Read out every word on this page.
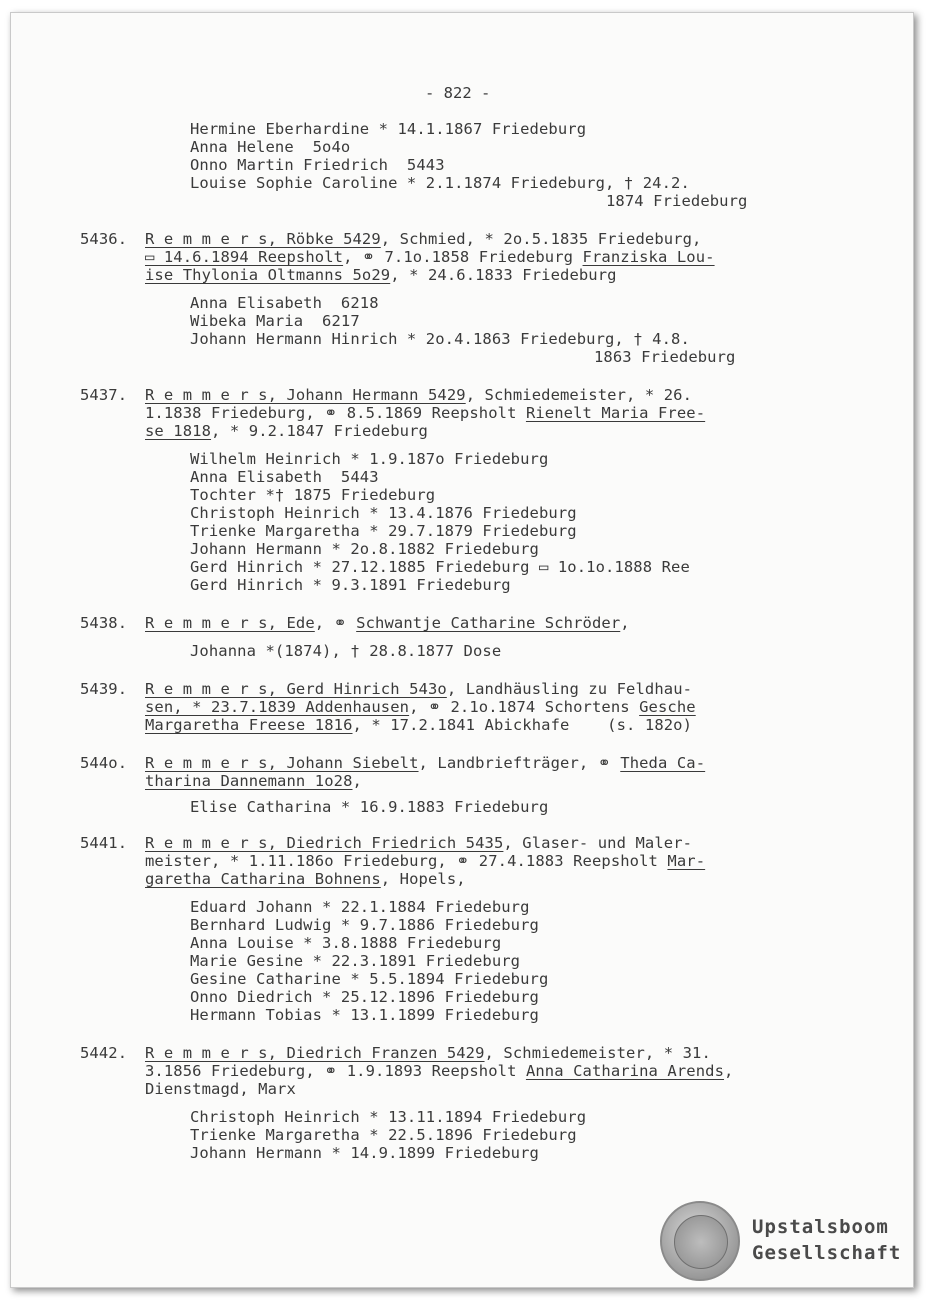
- 822 -
Hermine Eberhardine * 14.1.1867 Friedeburg
Anna Helene  5o4o
Onno Martin Friedrich  5443
Louise Sophie Caroline * 2.1.1874 Friedeburg, † 24.2.
1874 Friedeburg
5436. R e m m e r s, Röbke 5429, Schmied, * 2o.5.1835 Friedeburg,
▭ 14.6.1894 Reepsholt, ⚭ 7.1o.1858 Friedeburg Franziska Lou-
ise Thylonia Oltmanns 5o29, * 24.6.1833 Friedeburg
Anna Elisabeth  6218
Wibeka Maria  6217
Johann Hermann Hinrich * 2o.4.1863 Friedeburg, † 4.8.
1863 Friedeburg
5437. R e m m e r s, Johann Hermann 5429, Schmiedemeister, * 26.
1.1838 Friedeburg, ⚭ 8.5.1869 Reepsholt Rienelt Maria Free-
se 1818, * 9.2.1847 Friedeburg
Wilhelm Heinrich * 1.9.187o Friedeburg
Anna Elisabeth  5443
Tochter *† 1875 Friedeburg
Christoph Heinrich * 13.4.1876 Friedeburg
Trienke Margaretha * 29.7.1879 Friedeburg
Johann Hermann * 2o.8.1882 Friedeburg
Gerd Hinrich * 27.12.1885 Friedeburg ▭ 1o.1o.1888 Ree
Gerd Hinrich * 9.3.1891 Friedeburg
5438. R e m m e r s, Ede, ⚭ Schwantje Catharine Schröder,
Johanna *(1874), † 28.8.1877 Dose
5439. R e m m e r s, Gerd Hinrich 543o, Landhäusling zu Feldhau-
sen, * 23.7.1839 Addenhausen, ⚭ 2.1o.1874 Schortens Gesche
Margaretha Freese 1816, * 17.2.1841 Abickhafe    (s. 182o)
544o. R e m m e r s, Johann Siebelt, Landbriefträger, ⚭ Theda Ca-
tharina Dannemann 1o28,
Elise Catharina * 16.9.1883 Friedeburg
5441. R e m m e r s, Diedrich Friedrich 5435, Glaser- und Maler-
meister, * 1.11.186o Friedeburg, ⚭ 27.4.1883 Reepsholt Mar-
garetha Catharina Bohnens, Hopels,
Eduard Johann * 22.1.1884 Friedeburg
Bernhard Ludwig * 9.7.1886 Friedeburg
Anna Louise * 3.8.1888 Friedeburg
Marie Gesine * 22.3.1891 Friedeburg
Gesine Catharine * 5.5.1894 Friedeburg
Onno Diedrich * 25.12.1896 Friedeburg
Hermann Tobias * 13.1.1899 Friedeburg
5442. R e m m e r s, Diedrich Franzen 5429, Schmiedemeister, * 31.
3.1856 Friedeburg, ⚭ 1.9.1893 Reepsholt Anna Catharina Arends,
Dienstmagd, Marx
Christoph Heinrich * 13.11.1894 Friedeburg
Trienke Margaretha * 22.5.1896 Friedeburg
Johann Hermann * 14.9.1899 Friedeburg
Upstalsboom
Gesellschaft
